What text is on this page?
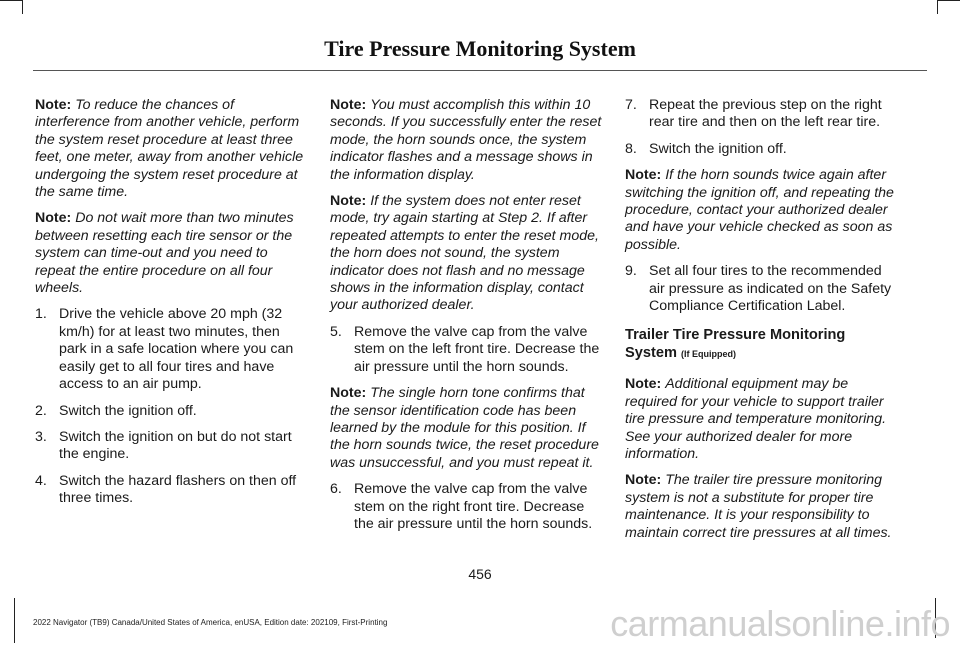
Tire Pressure Monitoring System

Note: To reduce the chances of interference from another vehicle, perform the system reset procedure at least three feet, one meter, away from another vehicle undergoing the system reset procedure at the same time.

Note: Do not wait more than two minutes between resetting each tire sensor or the system can time-out and you need to repeat the entire procedure on all four wheels.

1. Drive the vehicle above 20 mph (32 km/h) for at least two minutes, then park in a safe location where you can easily get to all four tires and have access to an air pump.
2. Switch the ignition off.
3. Switch the ignition on but do not start the engine.
4. Switch the hazard flashers on then off three times.

Note: You must accomplish this within 10 seconds. If you successfully enter the reset mode, the horn sounds once, the system indicator flashes and a message shows in the information display.

Note: If the system does not enter reset mode, try again starting at Step 2. If after repeated attempts to enter the reset mode, the horn does not sound, the system indicator does not flash and no message shows in the information display, contact your authorized dealer.

5. Remove the valve cap from the valve stem on the left front tire. Decrease the air pressure until the horn sounds.

Note: The single horn tone confirms that the sensor identification code has been learned by the module for this position. If the horn sounds twice, the reset procedure was unsuccessful, and you must repeat it.

6. Remove the valve cap from the valve stem on the right front tire. Decrease the air pressure until the horn sounds.
7. Repeat the previous step on the right rear tire and then on the left rear tire.
8. Switch the ignition off.

Note: If the horn sounds twice again after switching the ignition off, and repeating the procedure, contact your authorized dealer and have your vehicle checked as soon as possible.

9. Set all four tires to the recommended air pressure as indicated on the Safety Compliance Certification Label.
Trailer Tire Pressure Monitoring System (If Equipped)

Note: Additional equipment may be required for your vehicle to support trailer tire pressure and temperature monitoring. See your authorized dealer for more information.

Note: The trailer tire pressure monitoring system is not a substitute for proper tire maintenance. It is your responsibility to maintain correct tire pressures at all times.

456
2022 Navigator (TB9) Canada/United States of America, enUSA, Edition date: 202109, First-Printing	carmanualsonline.info
